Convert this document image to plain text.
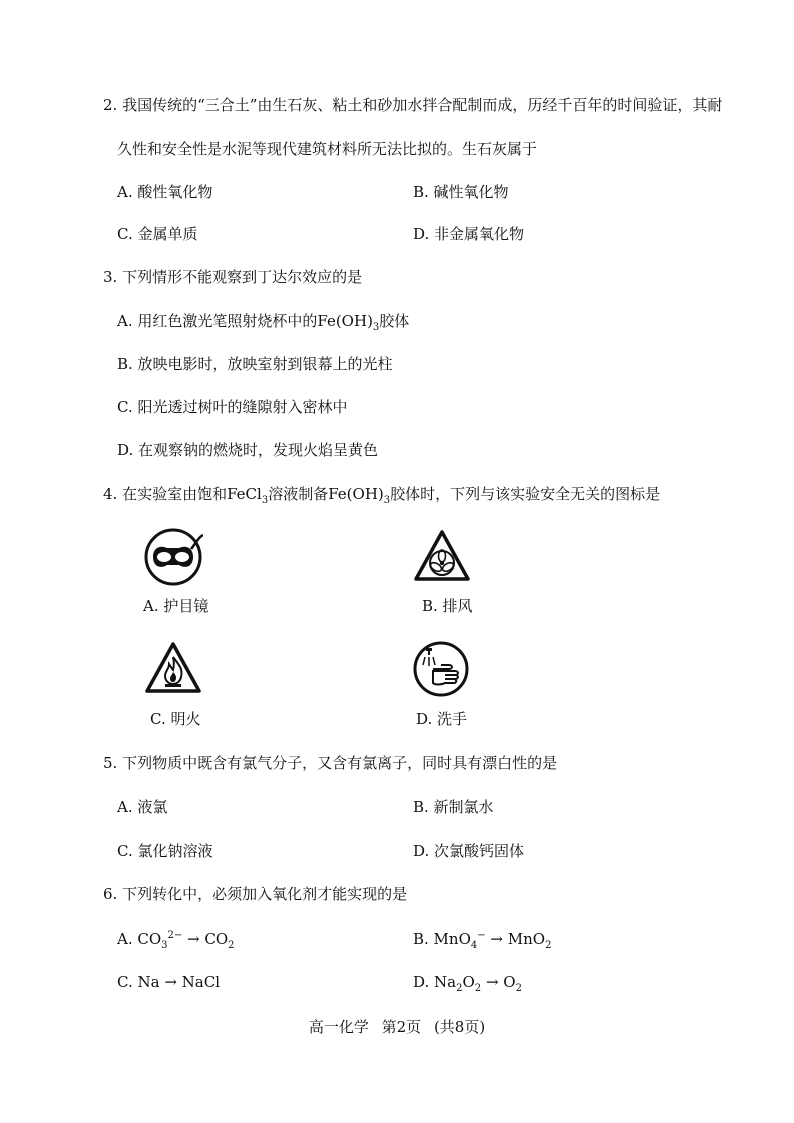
2. 我国传统的“三合土”由生石灰、粘土和砂加水拌合配制而成，历经千百年的时间验证，其耐
久性和安全性是水泥等现代建筑材料所无法比拟的。生石灰属于
A. 酸性氧化物	B. 碱性氧化物
C. 金属单质	D. 非金属氧化物
3. 下列情形不能观察到丁达尔效应的是
A. 用红色激光笔照射烧杯中的$Fe(OH)_3$胶体
B. 放映电影时，放映室射到银幕上的光柱
C. 阳光透过树叶的缝隙射入密林中
D. 在观察钠的燃烧时，发现火焰呈黄色
4. 在实验室由饱和FeCl$_3$溶液制备$Fe(OH)_3$胶体时，下列与该实验安全无关的图标是
A. 护目镜	B. 排风
C. 明火	D. 洗手
5. 下列物质中既含有氯气分子，又含有氯离子，同时具有漂白性的是
A. 液氯	B. 新制氯水
C. 氯化钠溶液	D. 次氯酸钙固体
6. 下列转化中，必须加入氧化剂才能实现的是
A. $CO_3^{2-} \to CO_2$	B. MnO$_4$− → MnO$_2$
C. Na → NaCl	D. $Na_2O_2 \to O_2$
高一化学 第2页 (共8页)
